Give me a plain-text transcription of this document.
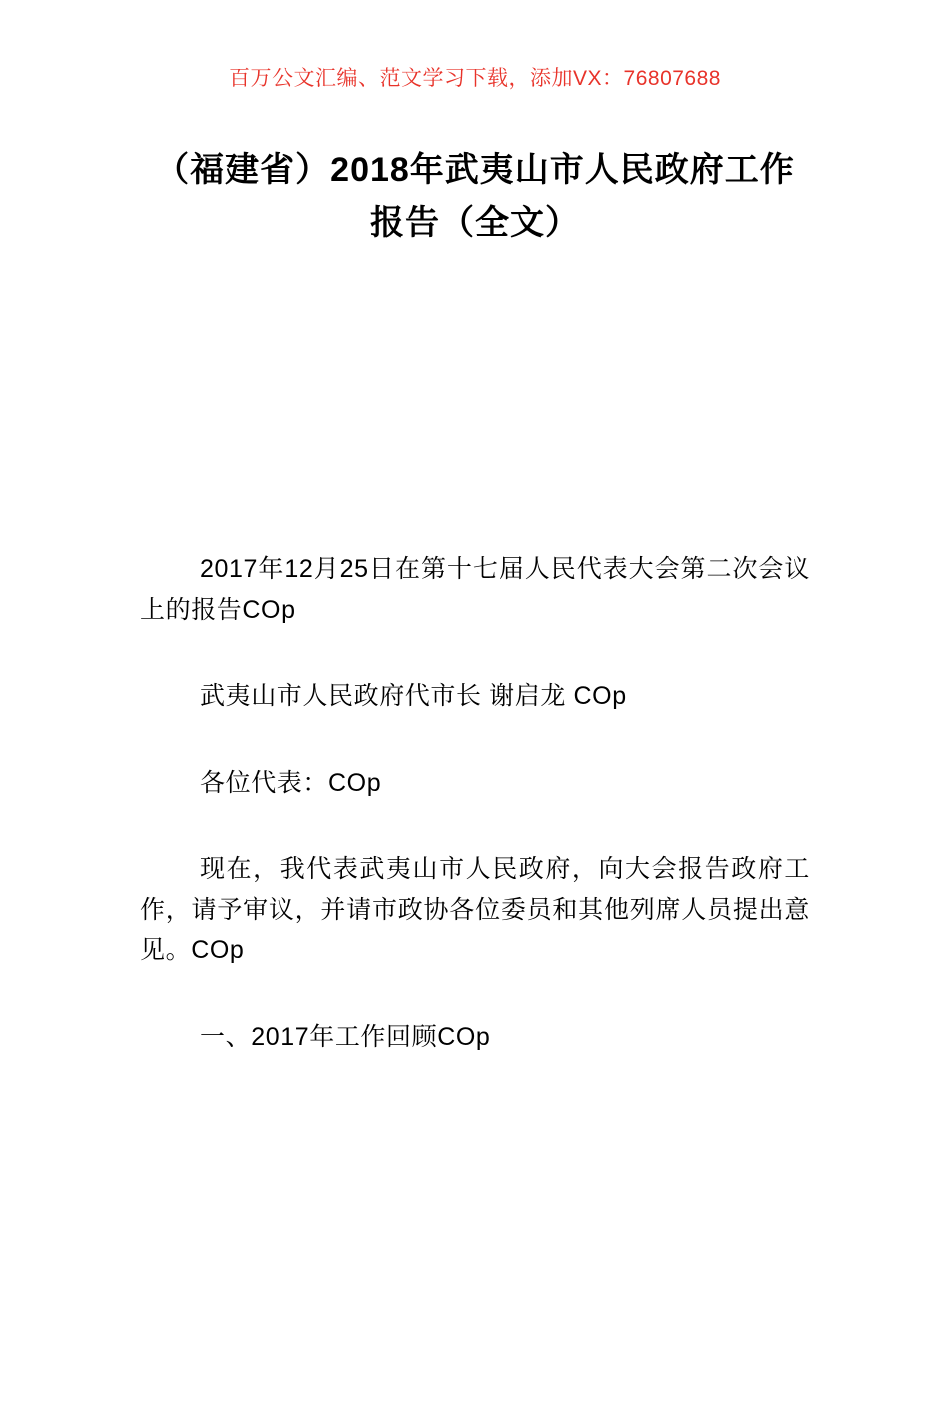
百万公文汇编、范文学习下载，添加VX：76807688
（福建省）2018年武夷山市人民政府工作报告（全文）

2017年12月25日在第十七届人民代表大会第二次会议上的报告COp

武夷山市人民政府代市长 谢启龙 COp

各位代表：COp

现在，我代表武夷山市人民政府，向大会报告政府工作，请予审议，并请市政协各位委员和其他列席人员提出意见。COp

一、2017年工作回顾COp
